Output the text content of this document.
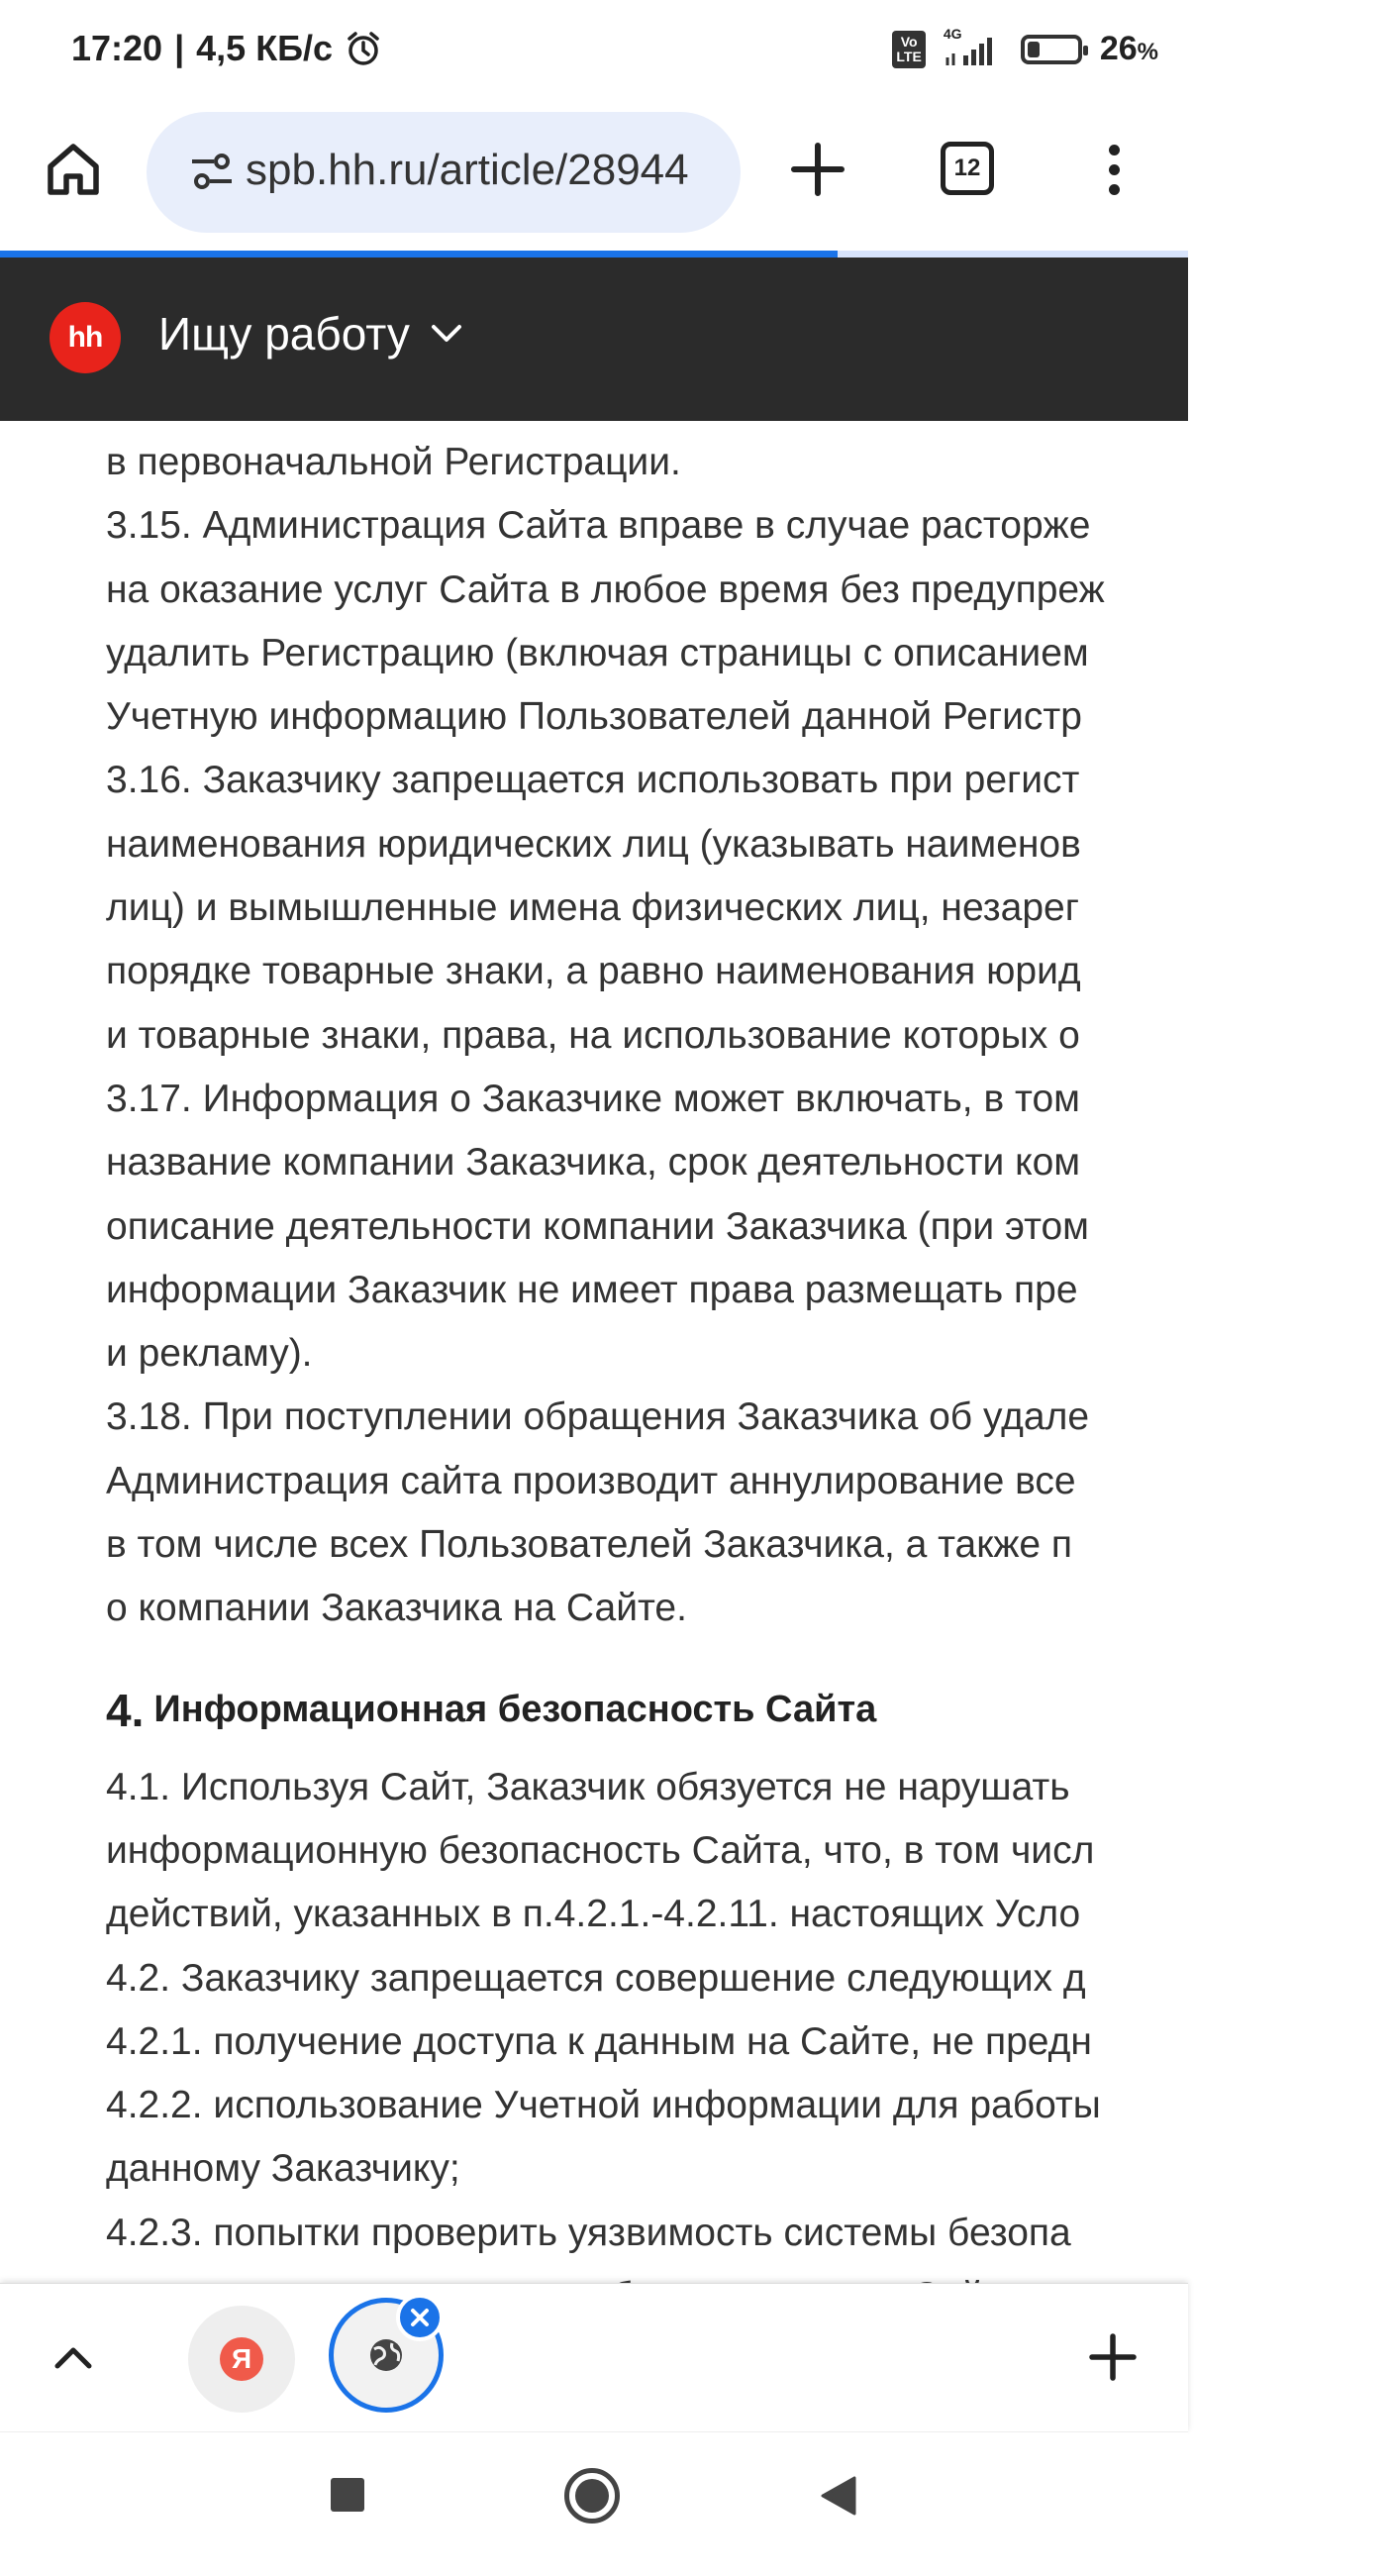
17:20 | 4,5 КБ/с	Vo
LTE
4G	26%
spb.hh.ru/article/28944	12
hh	Ищу работу
в первоначальной Регистрации.
3.15. Администрация Сайта вправе в случае расторже
на оказание услуг Сайта в любое время без предупреж
удалить Регистрацию (включая страницы с описанием
Учетную информацию Пользователей данной Регистр
3.16. Заказчику запрещается использовать при регист
наименования юридических лиц (указывать наименов
лиц) и вымышленные имена физических лиц, незарег
порядке товарные знаки, а равно наименования юрид
и товарные знаки, права, на использование которых о
3.17. Информация о Заказчике может включать, в том
название компании Заказчика, срок деятельности ком
описание деятельности компании Заказчика (при этом
информации Заказчик не имеет права размещать пре
и рекламу).
3.18. При поступлении обращения Заказчика об удале
Администрация сайта производит аннулирование все
в том числе всех Пользователей Заказчика, а также п
о компании Заказчика на Сайте.
4. Информационная безопасность Сайта
4.1. Используя Сайт, Заказчик обязуется не нарушать
информационную безопасность Сайта, что, в том числ
действий, указанных в п.4.2.1.-4.2.11. настоящих Усло
4.2. Заказчику запрещается совершение следующих д
4.2.1. получение доступа к данным на Сайте, не предн
4.2.2. использование Учетной информации для работы
данному Заказчику;
4.2.3. попытки проверить уязвимость системы безопа
Я
